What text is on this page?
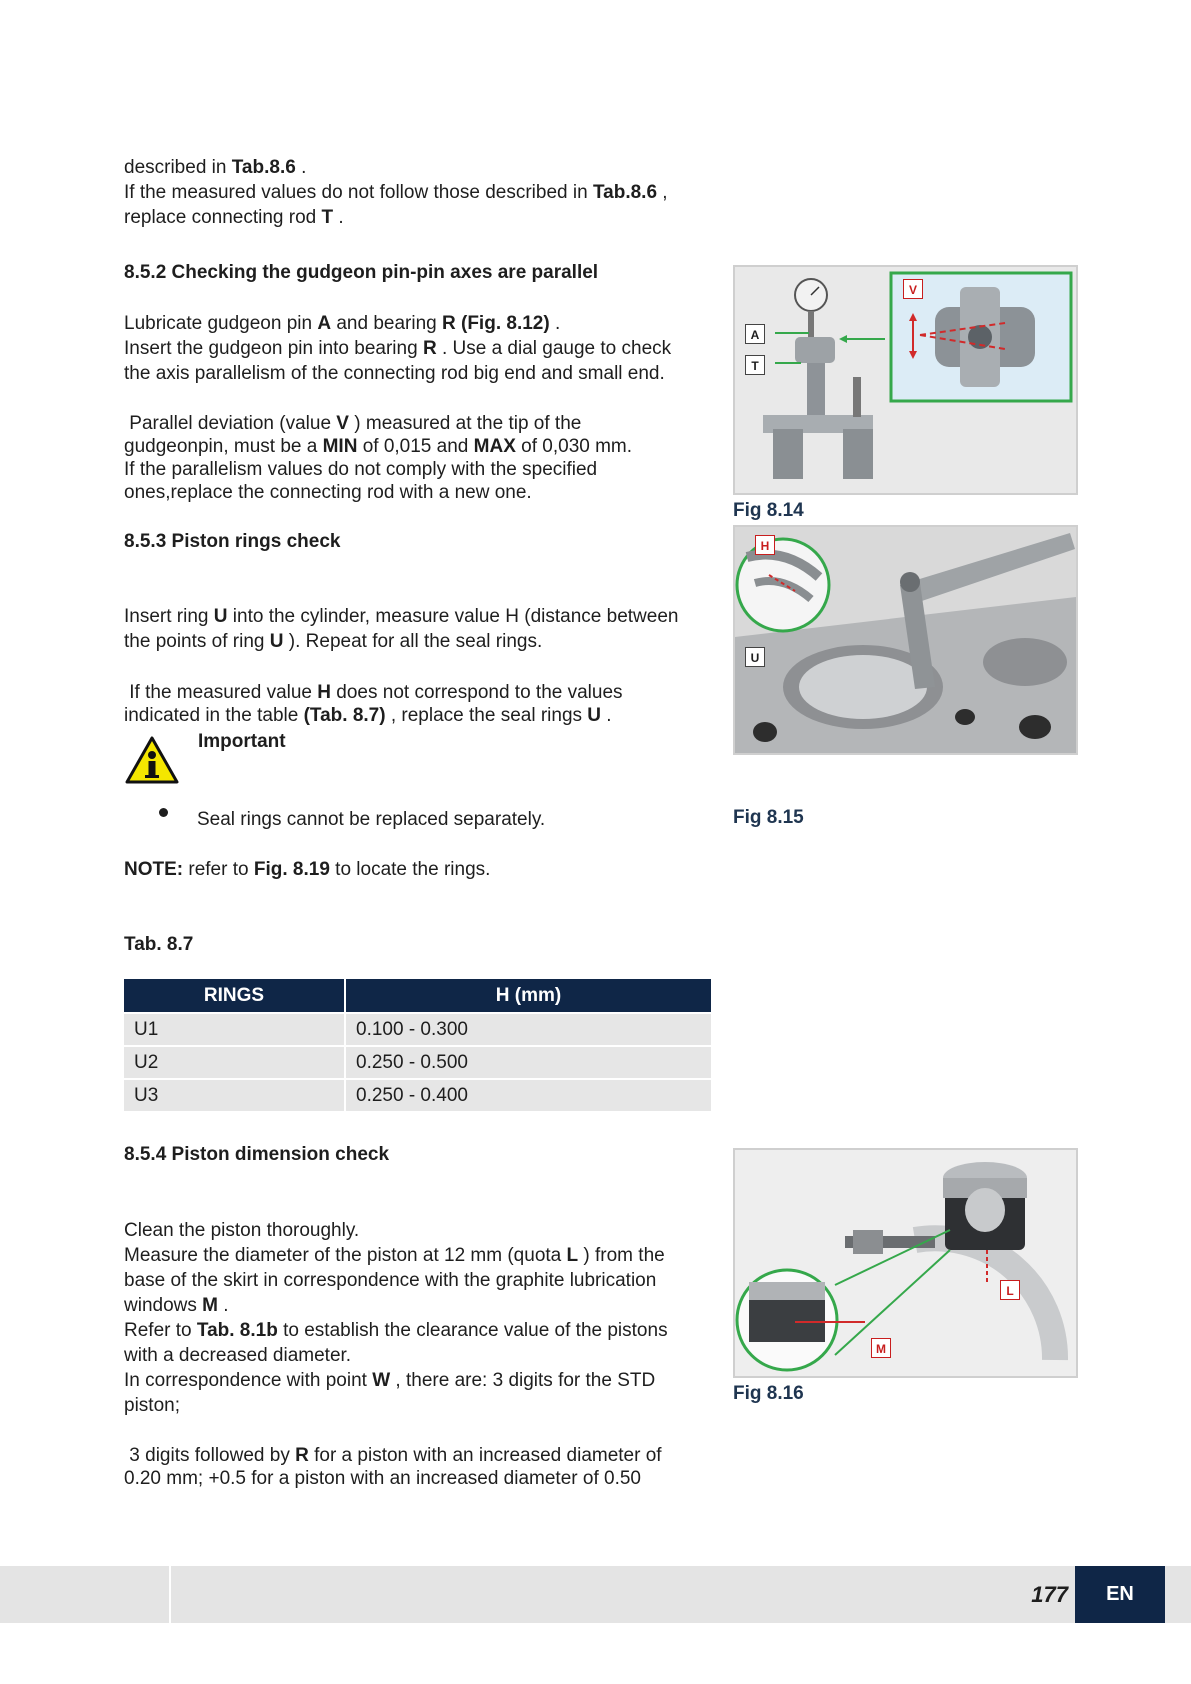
described in Tab.8.6 .
If the measured values do not follow those described in Tab.8.6 ,
replace connecting rod T .
8.5.2 Checking the gudgeon pin-pin axes are parallel
Lubricate gudgeon pin A and bearing R (Fig. 8.12) .
Insert the gudgeon pin into bearing R . Use a dial gauge to check
the axis parallelism of the connecting rod big end and small end.
Parallel deviation (value V ) measured at the tip of the
gudgeonpin, must be a MIN of 0,015 and MAX of 0,030 mm.
If the parallelism values do not comply with the specified
ones,replace the connecting rod with a new one.
8.5.3 Piston rings check
Insert ring U into the cylinder, measure value H (distance between
the points of ring U ). Repeat for all the seal rings.
If the measured value H does not correspond to the values
indicated in the table (Tab. 8.7) , replace the seal rings U .
Important
Seal rings cannot be replaced separately.
NOTE: refer to Fig. 8.19 to locate the rings.
Tab. 8.7
RINGS	H (mm)
U1	0.100 - 0.300
U2	0.250 - 0.500
U3	0.250 - 0.400
8.5.4 Piston dimension check
Clean the piston thoroughly.
Measure the diameter of the piston at 12 mm (quota L ) from the
base of the skirt in correspondence with the graphite lubrication
windows M .
Refer to Tab. 8.1b to establish the clearance value of the pistons
with a decreased diameter.
In correspondence with point W , there are: 3 digits for the STD
piston;
3 digits followed by R for a piston with an increased diameter of
0.20 mm; +0.5 for a piston with an increased diameter of 0.50
A
T
V
Fig 8.14
H
U
Fig 8.15
L
M
Fig 8.16
177	EN
